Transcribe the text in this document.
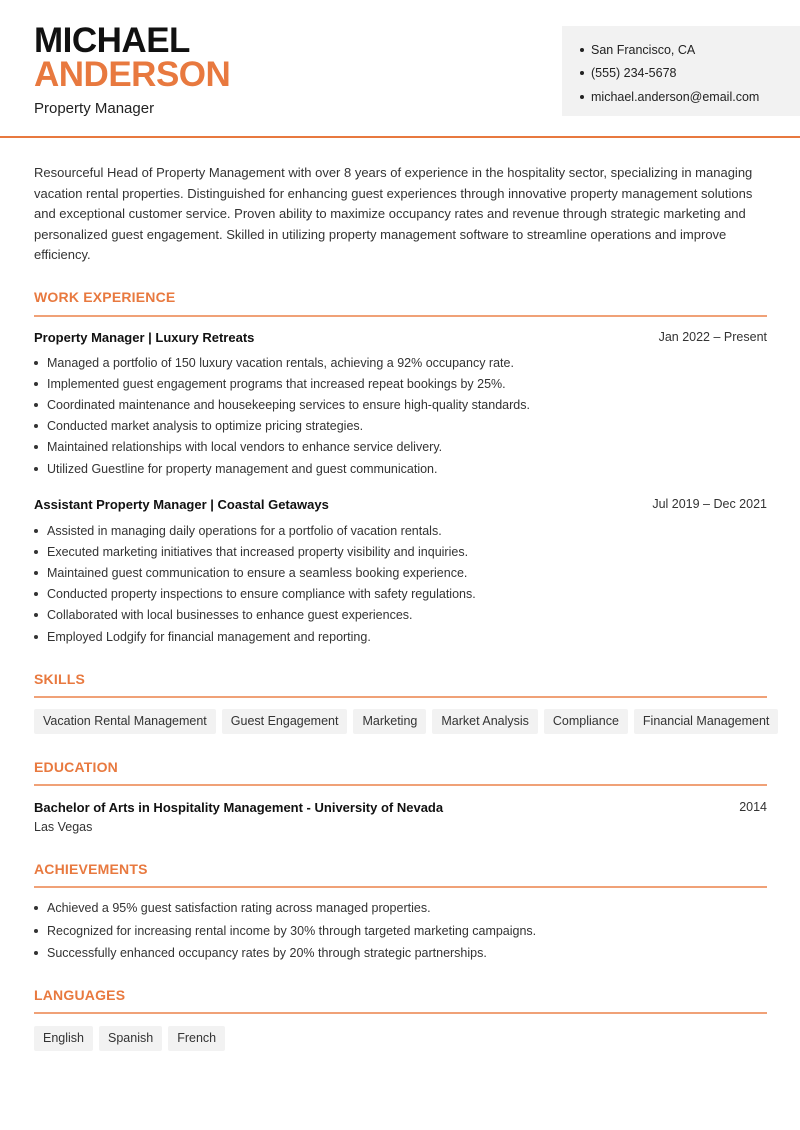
MICHAEL
ANDERSON
Property Manager
San Francisco, CA
(555) 234-5678
michael.anderson@email.com

Resourceful Head of Property Management with over 8 years of experience in the hospitality sector, specializing in managing vacation rental properties. Distinguished for enhancing guest experiences through innovative property management solutions and exceptional customer service. Proven ability to maximize occupancy rates and revenue through strategic marketing and personalized guest engagement. Skilled in utilizing property management software to streamline operations and improve efficiency.

WORK EXPERIENCE
Property Manager | Luxury Retreats	Jan 2022 – Present
Managed a portfolio of 150 luxury vacation rentals, achieving a 92% occupancy rate.
Implemented guest engagement programs that increased repeat bookings by 25%.
Coordinated maintenance and housekeeping services to ensure high-quality standards.
Conducted market analysis to optimize pricing strategies.
Maintained relationships with local vendors to enhance service delivery.
Utilized Guestline for property management and guest communication.
Assistant Property Manager | Coastal Getaways	Jul 2019 – Dec 2021
Assisted in managing daily operations for a portfolio of vacation rentals.
Executed marketing initiatives that increased property visibility and inquiries.
Maintained guest communication to ensure a seamless booking experience.
Conducted property inspections to ensure compliance with safety regulations.
Collaborated with local businesses to enhance guest experiences.
Employed Lodgify for financial management and reporting.
SKILLS
Vacation Rental Management	Guest Engagement	Marketing	Market Analysis	Compliance	Financial Management
EDUCATION
Bachelor of Arts in Hospitality Management - University of Nevada	2014
Las Vegas
ACHIEVEMENTS
Achieved a 95% guest satisfaction rating across managed properties.
Recognized for increasing rental income by 30% through targeted marketing campaigns.
Successfully enhanced occupancy rates by 20% through strategic partnerships.
LANGUAGES
English	Spanish	French
